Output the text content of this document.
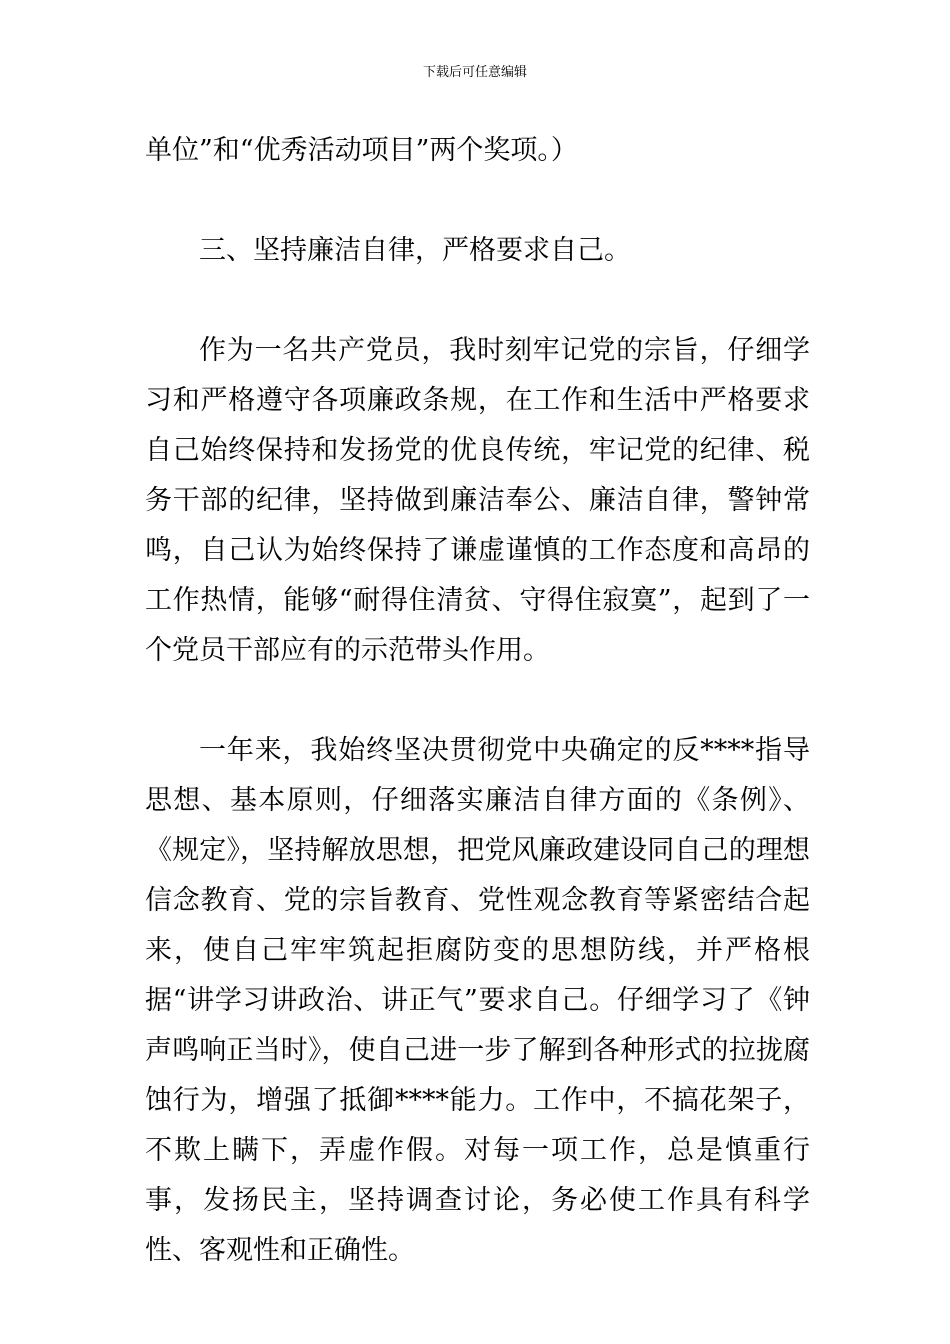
下载后可任意编辑

单位”和“优秀活动项目”两个奖项。）

三、坚持廉洁自律，严格要求自己。

作为一名共产党员，我时刻牢记党的宗旨，仔细学习和严格遵守各项廉政条规，在工作和生活中严格要求自己始终保持和发扬党的优良传统，牢记党的纪律、税务干部的纪律，坚持做到廉洁奉公、廉洁自律，警钟常鸣，自己认为始终保持了谦虚谨慎的工作态度和高昂的工作热情，能够“耐得住清贫、守得住寂寞”，起到了一个党员干部应有的示范带头作用。

一年来，我始终坚决贯彻党中央确定的反****指导思想、基本原则，仔细落实廉洁自律方面的《条例》、《规定》，坚持解放思想，把党风廉政建设同自己的理想信念教育、党的宗旨教育、党性观念教育等紧密结合起来，使自己牢牢筑起拒腐防变的思想防线，并严格根据“讲学习讲政治、讲正气”要求自己。仔细学习了《钟声鸣响正当时》，使自己进一步了解到各种形式的拉拢腐蚀行为，增强了抵御****能力。工作中，不搞花架子，不欺上瞒下，弄虚作假。对每一项工作，总是慎重行事，发扬民主，坚持调查讨论，务必使工作具有科学性、客观性和正确性。
